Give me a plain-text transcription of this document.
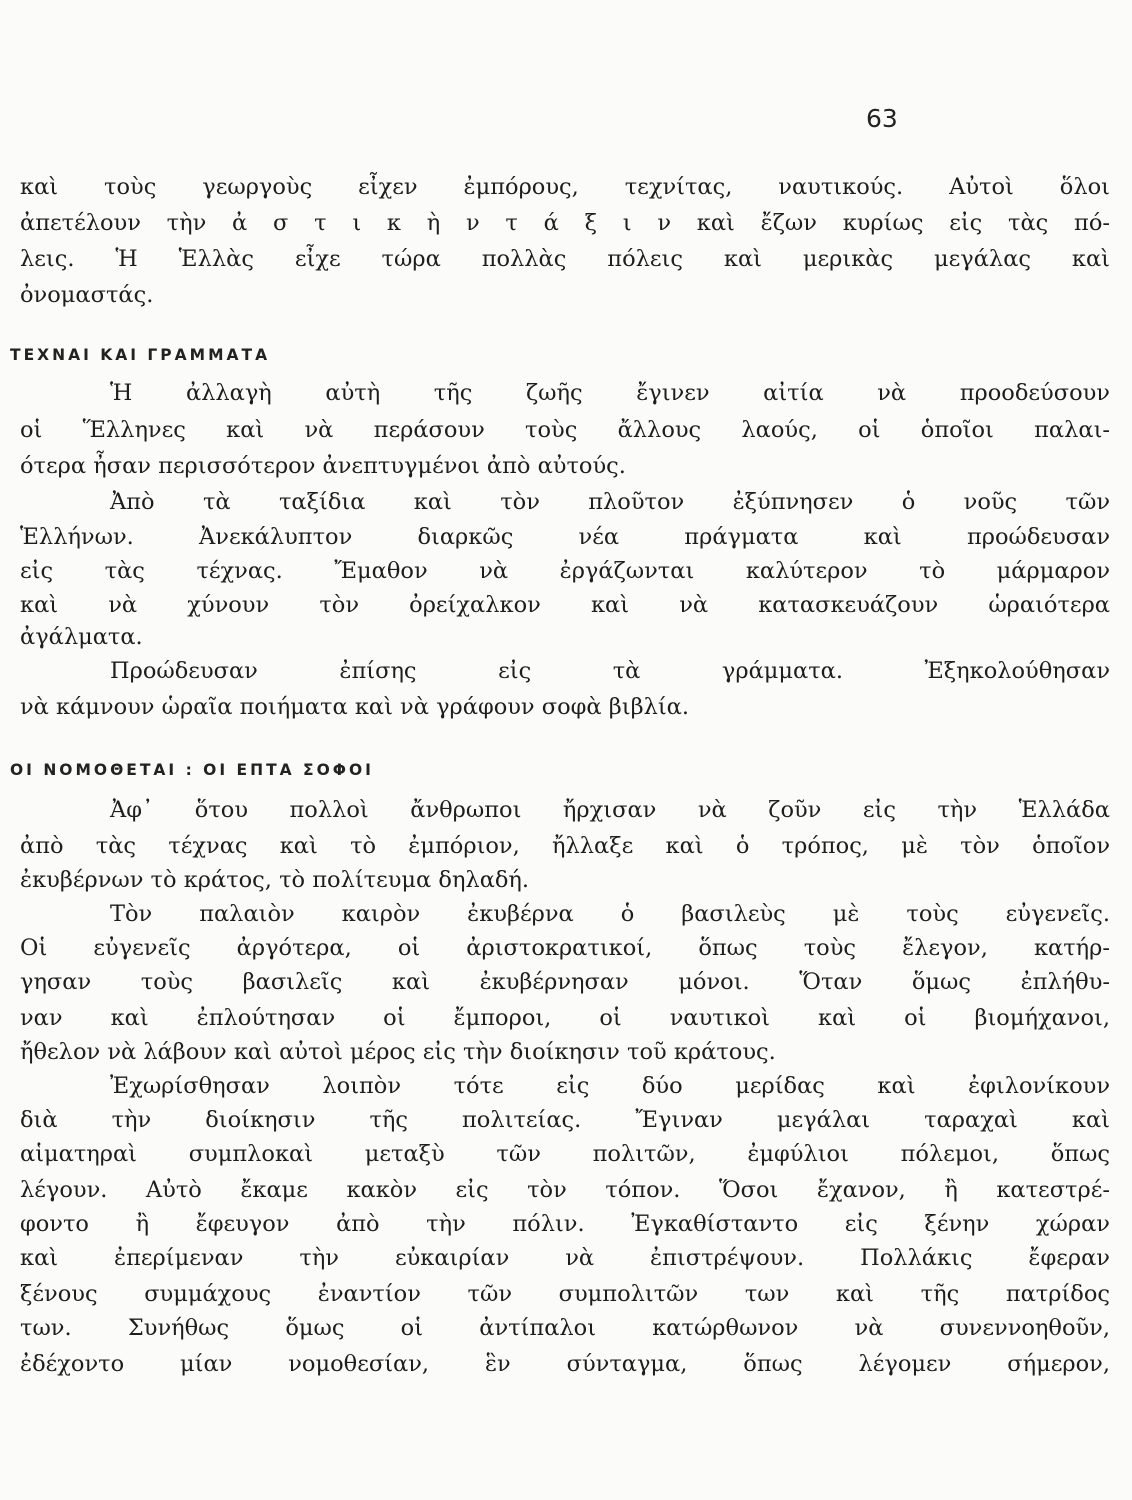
63
καὶ τοὺς γεωργοὺς εἶχεν ἐμπόρους, τεχνίτας, ναυτικούς. Αὐτοὶ ὅλοι
ἀπετέλουν τὴν ἀ σ τ ι κ ὴ ν τ ά ξ ι ν καὶ ἔζων κυρίως εἰς τὰς πό-
λεις. Ἡ Ἑλλὰς εἶχε τώρα πολλὰς πόλεις καὶ μερικὰς μεγάλας καὶ
ὀνομαστάς.
ΤΕΧΝΑΙ ΚΑΙ ΓΡΑΜΜΑΤΑ
Ἡ ἀλλαγὴ αὐτὴ τῆς ζωῆς ἔγινεν αἰτία νὰ προοδεύσουν
οἱ Ἕλληνες καὶ νὰ περάσουν τοὺς ἄλλους λαούς, οἱ ὁποῖοι παλαι-
ότερα ἦσαν περισσότερον ἀνεπτυγμένοι ἀπὸ αὐτούς.
Ἀπὸ τὰ ταξίδια καὶ τὸν πλοῦτον ἐξύπνησεν ὁ νοῦς τῶν
Ἑλλήνων. Ἀνεκάλυπτον διαρκῶς νέα πράγματα καὶ προώδευσαν
εἰς τὰς τέχνας. Ἔμαθον νὰ ἐργάζωνται καλύτερον τὸ μάρμαρον
καὶ νὰ χύνουν τὸν ὀρείχαλκον καὶ νὰ κατασκευάζουν ὡραιότερα
ἀγάλματα.
Προώδευσαν ἐπίσης εἰς τὰ γράμματα. Ἐξηκολούθησαν
νὰ κάμνουν ὡραῖα ποιήματα καὶ νὰ γράφουν σοφὰ βιβλία.
ΟΙ ΝΟΜΟΘΕΤΑΙ : ΟΙ ΕΠΤΑ ΣΟΦΟΙ
Ἀφ᾽ ὅτου πολλοὶ ἄνθρωποι ἤρχισαν νὰ ζοῦν εἰς τὴν Ἑλλάδα
ἀπὸ τὰς τέχνας καὶ τὸ ἐμπόριον, ἤλλαξε καὶ ὁ τρόπος, μὲ τὸν ὁποῖον
ἐκυβέρνων τὸ κράτος, τὸ πολίτευμα δηλαδή.
Τὸν παλαιὸν καιρὸν ἐκυβέρνα ὁ βασιλεὺς μὲ τοὺς εὐγενεῖς.
Οἱ εὐγενεῖς ἀργότερα, οἱ ἀριστοκρατικοί, ὅπως τοὺς ἔλεγον, κατήρ-
γησαν τοὺς βασιλεῖς καὶ ἐκυβέρνησαν μόνοι. Ὅταν ὅμως ἐπλήθυ-
ναν καὶ ἐπλούτησαν οἱ ἔμποροι, οἱ ναυτικοὶ καὶ οἱ βιομήχανοι,
ἤθελον νὰ λάβουν καὶ αὐτοὶ μέρος εἰς τὴν διοίκησιν τοῦ κράτους.
Ἐχωρίσθησαν λοιπὸν τότε εἰς δύο μερίδας καὶ ἐφιλονίκουν
διὰ τὴν διοίκησιν τῆς πολιτείας. Ἔγιναν μεγάλαι ταραχαὶ καὶ
αἱματηραὶ συμπλοκαὶ μεταξὺ τῶν πολιτῶν, ἐμφύλιοι πόλεμοι, ὅπως
λέγουν. Αὐτὸ ἔκαμε κακὸν εἰς τὸν τόπον. Ὅσοι ἔχανον, ἢ κατεστρέ-
φοντο ἢ ἔφευγον ἀπὸ τὴν πόλιν. Ἐγκαθίσταντο εἰς ξένην χώραν
καὶ ἐπερίμεναν τὴν εὐκαιρίαν νὰ ἐπιστρέψουν. Πολλάκις ἔφεραν
ξένους συμμάχους ἐναντίον τῶν συμπολιτῶν των καὶ τῆς πατρίδος
των. Συνήθως ὅμως οἱ ἀντίπαλοι κατώρθωνον νὰ συνεννοηθοῦν,
ἐδέχοντο μίαν νομοθεσίαν, ἓν σύνταγμα, ὅπως λέγομεν σήμερον,
